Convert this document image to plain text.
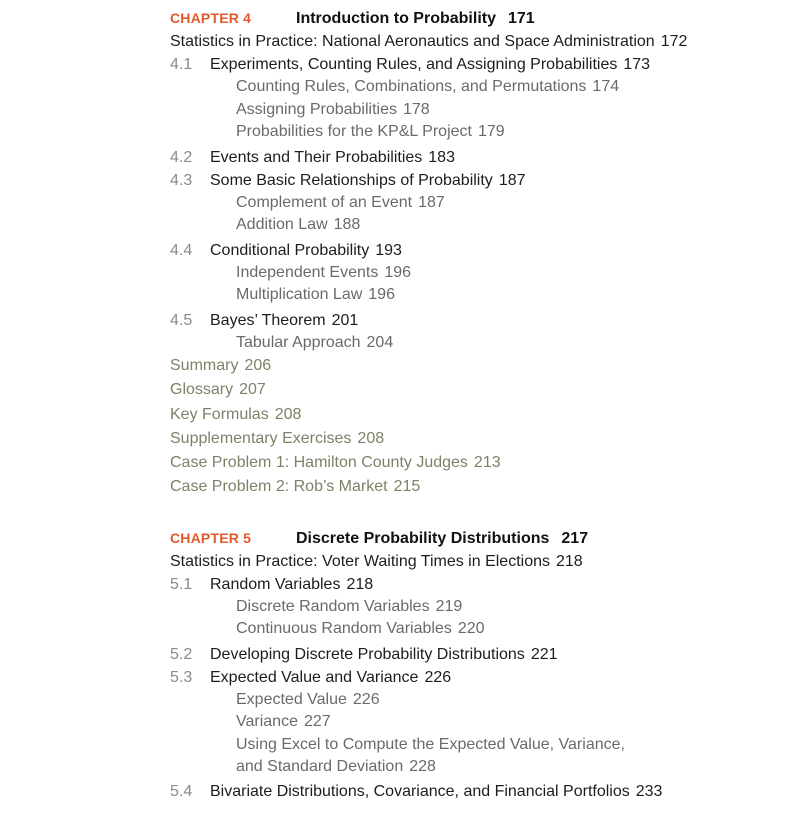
CHAPTER 4	Introduction to Probability 171
Statistics in Practice: National Aeronautics and Space Administration 172
4.1 Experiments, Counting Rules, and Assigning Probabilities 173
Counting Rules, Combinations, and Permutations 174
Assigning Probabilities 178
Probabilities for the KP&L Project 179
4.2 Events and Their Probabilities 183
4.3 Some Basic Relationships of Probability 187
Complement of an Event 187
Addition Law 188
4.4 Conditional Probability 193
Independent Events 196
Multiplication Law 196
4.5 Bayes’ Theorem 201
Tabular Approach 204
Summary 206
Glossary 207
Key Formulas 208
Supplementary Exercises 208
Case Problem 1: Hamilton County Judges 213
Case Problem 2: Rob’s Market 215
CHAPTER 5	Discrete Probability Distributions 217
Statistics in Practice: Voter Waiting Times in Elections 218
5.1 Random Variables 218
Discrete Random Variables 219
Continuous Random Variables 220
5.2 Developing Discrete Probability Distributions 221
5.3 Expected Value and Variance 226
Expected Value 226
Variance 227
Using Excel to Compute the Expected Value, Variance,
and Standard Deviation 228
5.4 Bivariate Distributions, Covariance, and Financial Portfolios 233
